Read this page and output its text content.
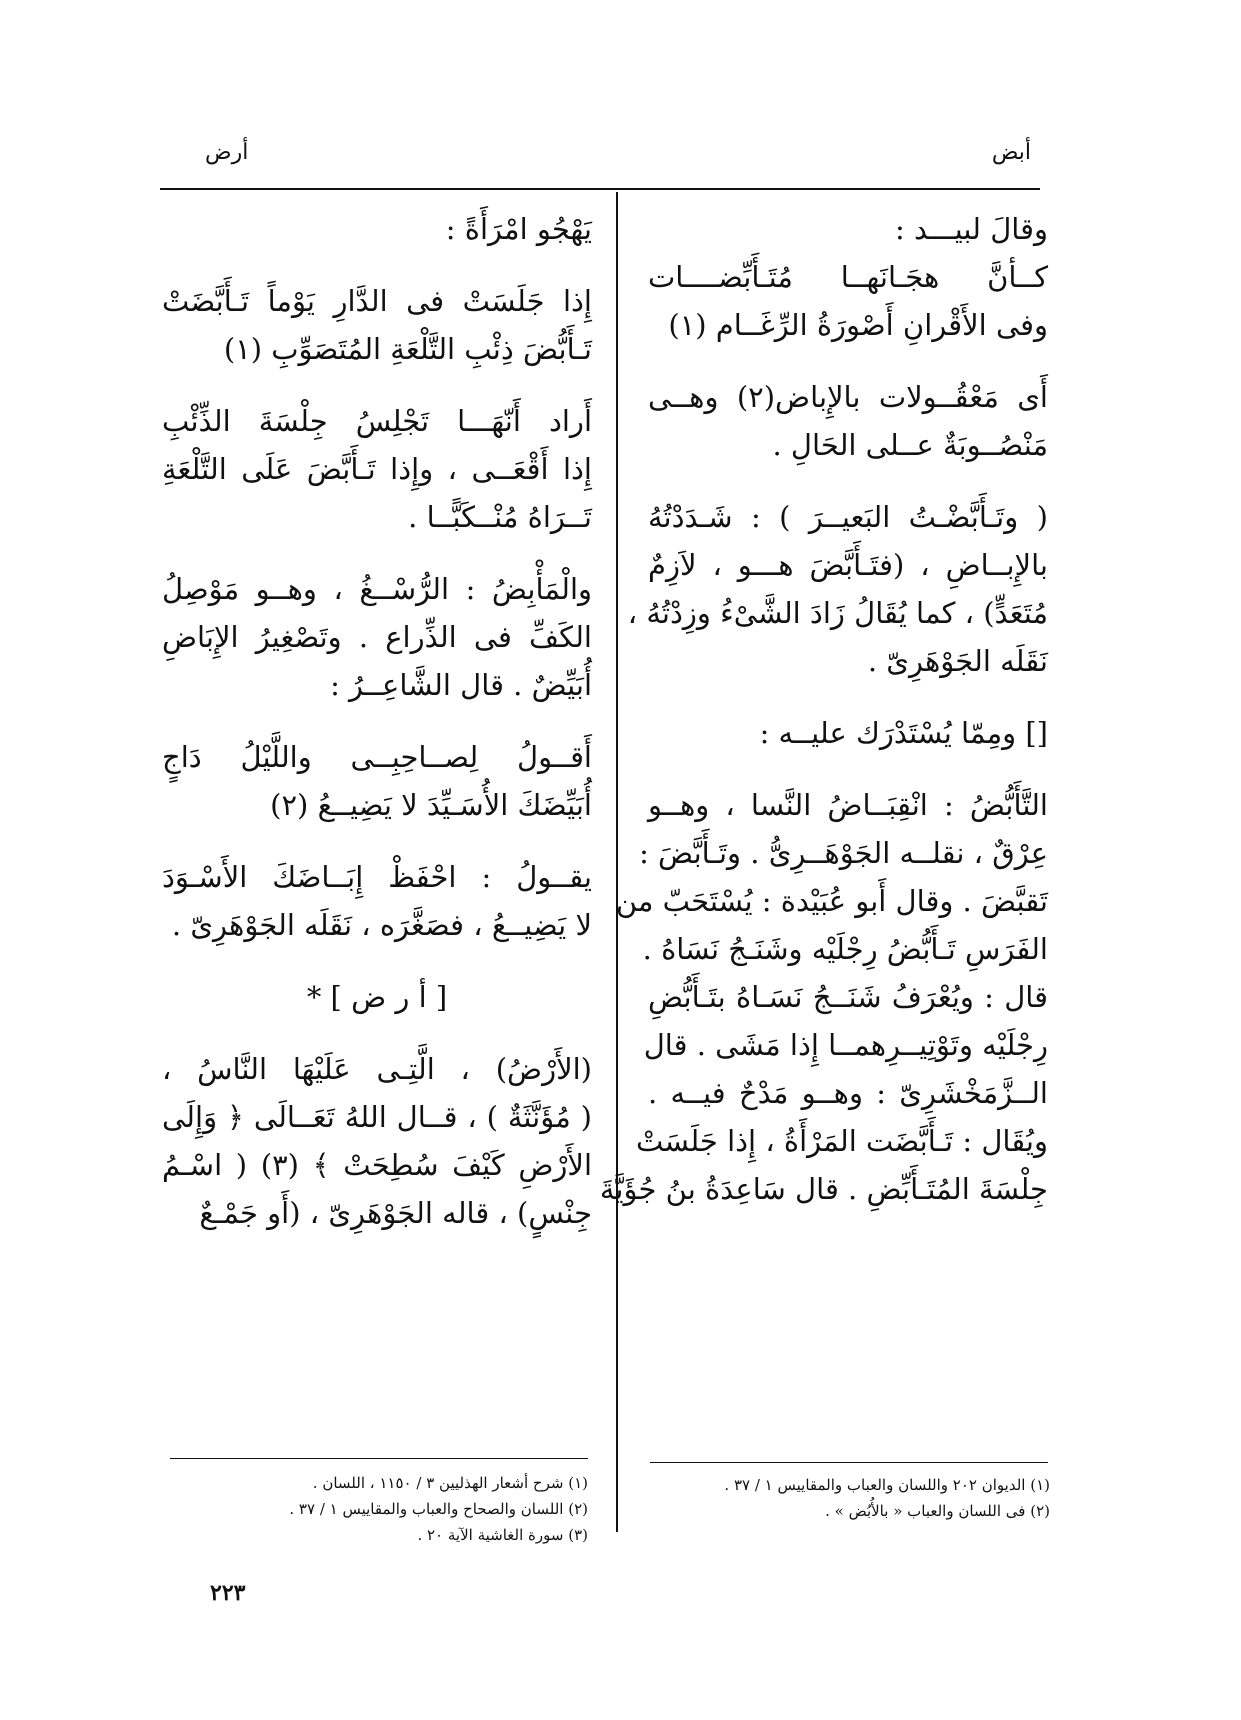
أرض	أبض
وقالَ لبيـــد :
كــأنَّ هجَـانَهــا مُتَـأَبِّضــــات
وفى الأَقْرانِ أَصْورَةُ الرِّغَــام (١)
أَى مَعْقُــولات بالإِباض(٢) وهــى
مَنْصُــوبَةٌ عــلى الحَالِ .
( وتَـأَبَّضْـتُ البَعيــرَ ) : شَـدَدْتُهُ
بالإِبــاضِ ، (فتَـأَبَّضَ هـــو ، لاَزِمٌ
مُتَعَدٍّ) ، كما يُقَالُ زَادَ الشَّىْءُ وزِدْتُهُ ،
نَقَلَه الجَوْهَرِىّ .
[] ومِمّا يُسْتَدْرَك عليــه :
التَّأَبُّضُ : انْقِبَــاضُ النَّسا ، وهــو
عِرْقٌ ، نقلــه الجَوْهَــرِىُّ . وتَـأَبَّضَ :
تَقبَّضَ . وقال أَبو عُبَيْدة : يُسْتَحَبّ من
الفَرَسِ تَـأَبُّضُ رِجْلَيْه وشَنَـجُ نَسَاهُ .
قال : ويُعْرَفُ شَنَــجُ نَسَـاهُ بتَـأَبُّضِ
رِجْلَيْه وتَوْتِيــرِهمــا إِذا مَشَى . قال
الــزَّمَخْشَرِىّ : وهــو مَدْحٌ فيــه .
ويُقَال : تَـأَبَّضَت المَرْأَةُ ، إِذا جَلَسَتْ
جِلْسَةَ المُتَـأَبِّضِ . قال سَاعِدَةُ بنُ جُؤَيَّةَ
يَهْجُو امْرَأَةً :
إِذا جَلَسَتْ فى الدَّارِ يَوْماً تَـأَبَّضَتْ
تَـأَبُّضَ ذِئْبِ التَّلْعَةِ المُتَصَوِّبِ (١)
أَراد أَنّهَـــا تَجْلِسُ جِلْسَةَ الذِّئْبِ
إِذا أَقْعَــى ، وإِذا تَـأَبَّضَ عَلَى التَّلْعَةِ
تَــرَاهُ مُنْــكَبًّــا .
والْمَأْبِضُ : الرُّسْــغُ ، وهــو مَوْصِلُ
الكَفِّ فى الذِّراع . وتَصْغِيرُ الإِبَاضِ
أُبَيِّضٌ . قال الشَّاعِــرُ :
أَقــولُ لِصــاحِبِــى واللَّيْلُ دَاجٍ
أُبَيِّضَكَ الأُسَـيِّدَ لا يَضِيــعُ (٢)
يقــولُ : احْفَظْ إِبَــاضَكَ الأَسْـوَدَ
لا يَضِيــعُ ، فصَغَّرَه ، نَقَلَه الجَوْهَرِىّ .
[ أ ر ض ] *
(الأَرْضُ) ، الَّتِـى عَلَيْهَا النَّاسُ ،
( مُؤَنَّثَةٌ ) ، قــال اللهُ تَعَــالَى ﴿ وَإِلَى
الأَرْضِ كَيْفَ سُطِحَتْ ﴾ (٣) ( اسْـمُ
جِنْسٍ) ، قاله الجَوْهَرِىّ ، (أَو جَمْـعٌ
(١) شرح أشعار الهذليين ٣ / ١١٥٠ ، اللسان .
(٢) اللسان والصحاح والعباب والمقاييس ١ / ٣٧ .
(٣) سورة الغاشية الآية ٢٠ .
(١) الديوان ٢٠٢ واللسان والعباب والمقاييس ١ / ٣٧ .
(٢) فى اللسان والعباب « بالأُبُض » .
٢٢٣
